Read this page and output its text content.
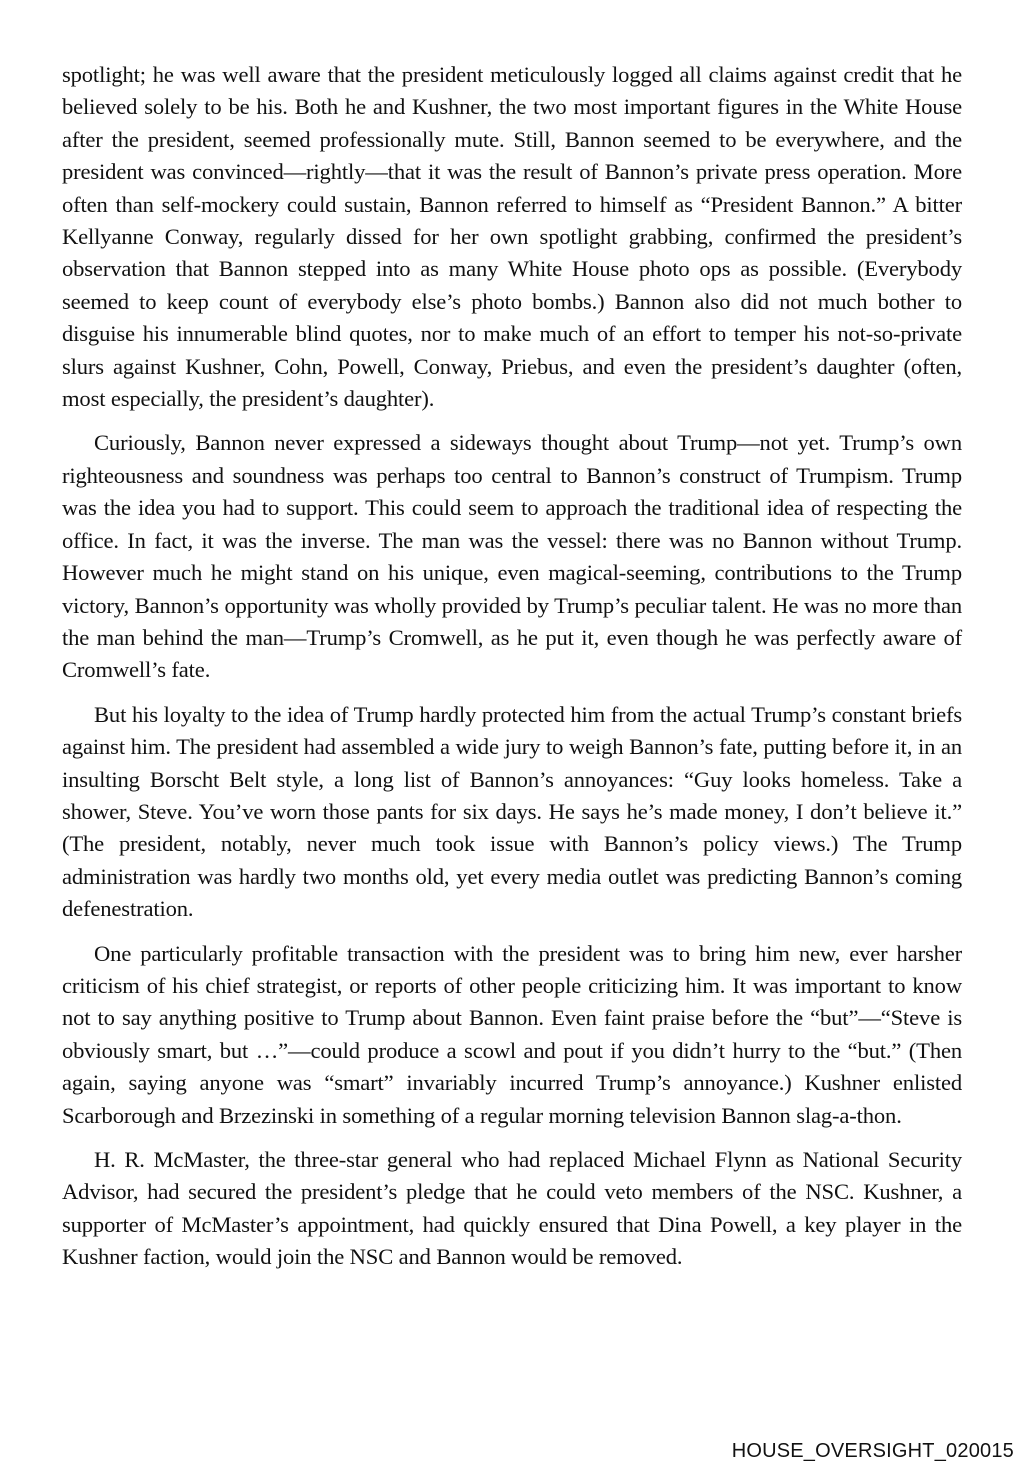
spotlight; he was well aware that the president meticulously logged all claims against credit that he believed solely to be his. Both he and Kushner, the two most important figures in the White House after the president, seemed professionally mute. Still, Bannon seemed to be everywhere, and the president was convinced—rightly—that it was the result of Bannon’s private press operation. More often than self-mockery could sustain, Bannon referred to himself as “President Bannon.” A bitter Kellyanne Conway, regularly dissed for her own spotlight grabbing, confirmed the president’s observation that Bannon stepped into as many White House photo ops as possible. (Everybody seemed to keep count of everybody else’s photo bombs.) Bannon also did not much bother to disguise his innumerable blind quotes, nor to make much of an effort to temper his not-so-private slurs against Kushner, Cohn, Powell, Conway, Priebus, and even the president’s daughter (often, most especially, the president’s daughter).

Curiously, Bannon never expressed a sideways thought about Trump—not yet. Trump’s own righteousness and soundness was perhaps too central to Bannon’s construct of Trumpism. Trump was the idea you had to support. This could seem to approach the traditional idea of respecting the office. In fact, it was the inverse. The man was the vessel: there was no Bannon without Trump. However much he might stand on his unique, even magical-seeming, contributions to the Trump victory, Bannon’s opportunity was wholly provided by Trump’s peculiar talent. He was no more than the man behind the man—Trump’s Cromwell, as he put it, even though he was perfectly aware of Cromwell’s fate.

But his loyalty to the idea of Trump hardly protected him from the actual Trump’s constant briefs against him. The president had assembled a wide jury to weigh Bannon’s fate, putting before it, in an insulting Borscht Belt style, a long list of Bannon’s annoyances: “Guy looks homeless. Take a shower, Steve. You’ve worn those pants for six days. He says he’s made money, I don’t believe it.” (The president, notably, never much took issue with Bannon’s policy views.) The Trump administration was hardly two months old, yet every media outlet was predicting Bannon’s coming defenestration.

One particularly profitable transaction with the president was to bring him new, ever harsher criticism of his chief strategist, or reports of other people criticizing him. It was important to know not to say anything positive to Trump about Bannon. Even faint praise before the “but”—“Steve is obviously smart, but …”—could produce a scowl and pout if you didn’t hurry to the “but.” (Then again, saying anyone was “smart” invariably incurred Trump’s annoyance.) Kushner enlisted Scarborough and Brzezinski in something of a regular morning television Bannon slag-a-thon.

H. R. McMaster, the three-star general who had replaced Michael Flynn as National Security Advisor, had secured the president’s pledge that he could veto members of the NSC. Kushner, a supporter of McMaster’s appointment, had quickly ensured that Dina Powell, a key player in the Kushner faction, would join the NSC and Bannon would be removed.

HOUSE_OVERSIGHT_020015
